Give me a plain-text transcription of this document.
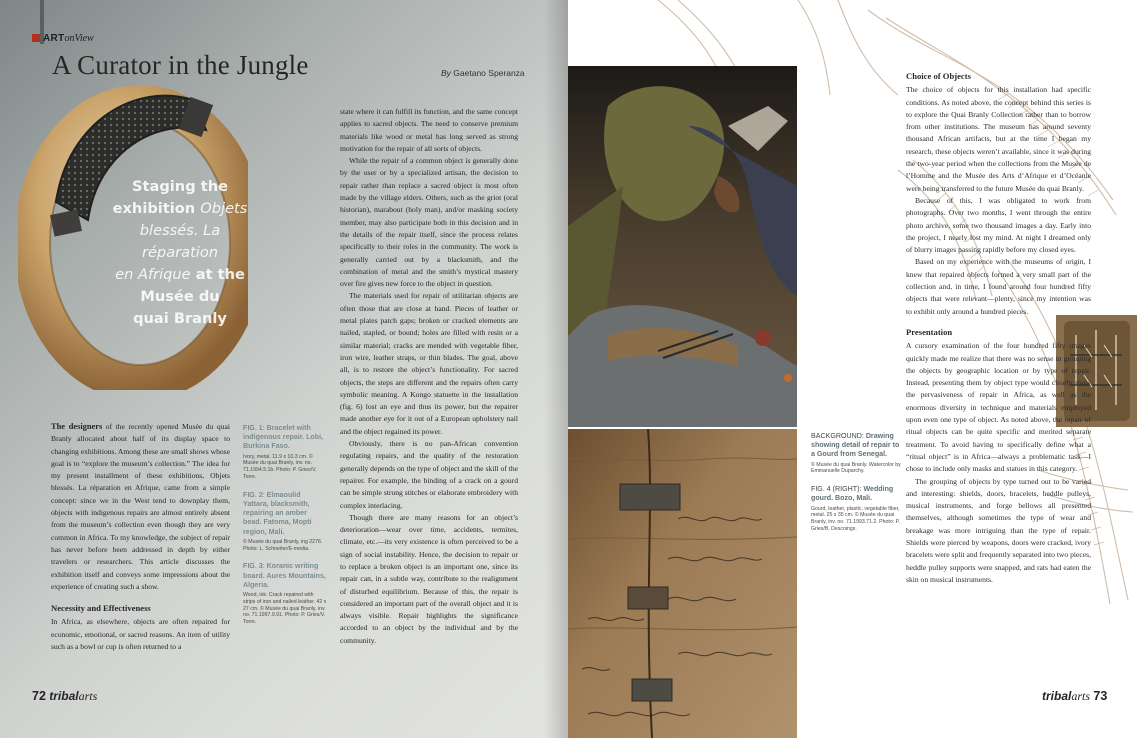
ARTonView
A Curator in the Jungle	By Gaetano Speranza
Staging the
exhibition Objets
blessés. La réparation
en Afrique at the
Musée du
quai Branly

The designers of the recently opened Musée du quai Branly allocated about half of its display space to changing exhibitions. Among these are small shows whose goal is to “explore the museum’s collection.” The idea for my present installment of these exhibitions, Objets blessés. La réparation en Afrique, came from a simple concept: since we in the West tend to downplay them, objects with indigenous repairs are almost entirely absent from the museum’s collection even though they are very common in Africa. To my knowledge, the subject of repair has never before been addressed in depth by either travelers or researchers. This article discusses the exhibition itself and conveys some impressions about the experience of creating such a show.

Necessity and Effectiveness

In Africa, as elsewhere, objects are often repaired for economic, emotional, or sacred reasons. An item of utility such as a bowl or cup is often returned to a

FIG. 1: Bracelet with indigenous repair. Lobi, Burkina Faso.
Ivory, metal. 11.9 x 10.3 cm. © Musée du quai Branly, inv. no. 71.1994.5.1b. Photo: P. Gries/V. Torre.
FIG. 2: Elmaoulid Yattara, blacksmith, repairing an amber bead. Fatoma, Mopti region, Mali.
© Musée du quai Branly, ing 2276. Photo: L. Schneiter/E-media.
FIG. 3: Koranic writing board. Aures Mountains, Algeria.
Wood, ink. Crack repaired with strips of iron and nailed leather. 42 x 27 cm. © Musée du quai Branly, inv. no. 71.1997.9.91. Photo: P. Gries/V. Torre.

state where it can fulfill its function, and the same concept applies to sacred objects. The need to conserve premium materials like wood or metal has long served as strong motivation for the repair of all sorts of objects.

While the repair of a common object is generally done by the user or by a specialized artisan, the decision to repair rather than replace a sacred object is most often made by the village elders. Others, such as the griot (oral historian), marabout (holy man), and/or masking society member, may also participate both in this decision and in the details of the repair itself, since the process relates specifically to their roles in the community. The work is generally carried out by a blacksmith, and the combination of metal and the smith’s mystical mastery over fire gives new force to the object in question.

The materials used for repair of utilitarian objects are often those that are close at hand. Pieces of leather or metal plates patch gaps; broken or cracked elements are nailed, stapled, or bound; holes are filled with resin or a similar material; cracks are mended with vegetable fiber, iron wire, leather straps, or thin blades. The goal, above all, is to restore the object’s functionality. For sacred objects, the steps are different and the repairs often carry symbolic meaning. A Kongo statuette in the installation (fig. 6) lost an eye and thus its power, but the repairer made another eye for it out of a European upholstery nail and the object regained its power.

Obviously, there is no pan-African convention regulating repairs, and the quality of the restoration generally depends on the type of object and the skill of the repairer. For example, the binding of a crack on a gourd can be simple strung stitches or elaborate embroidery with complex interlacing.

Though there are many reasons for an object’s deterioration—wear over time, accidents, termites, climate, etc.—its very existence is often perceived to be a sign of social instability. Hence, the decision to repair or to replace a broken object is an important one, since its repair can, in a subtle way, contribute to the realignment of disturbed equilibrium. Because of this, the repair is considered an important part of the overall object and it is always visible. Repair highlights the significance accorded to an object by the individual and by the community.

72 tribalarts
BACKGROUND: Drawing showing detail of repair to a Gourd from Senegal.
© Musée du quai Branly. Watercolor by Emmanuelle Duparchy.
FIG. 4 (RIGHT): Wedding gourd. Bozo, Mali.
Gourd, leather, plastic, vegetable fiber, metal. 25 x 35 cm. © Musée du quai Branly, inv. no. 71.1993.71.2. Photo: P. Gries/B. Descoings.
Choice of Objects

The choice of objects for this installation had specific conditions. As noted above, the concept behind this series is to explore the Quai Branly Collection rather than to borrow from other institutions. The museum has around seventy thousand African artifacts, but at the time I began my research, these objects weren’t available, since it was during the two-year period when the collections from the Musée de l’Homme and the Musée des Arts d’Afrique et d’Océanie were being transferred to the future Musée du quai Branly.

Because of this, I was obligated to work from photographs. Over two months, I went through the entire photo archive, some two thousand images a day. Early into the project, I nearly lost my mind. At night I dreamed only of blurry images passing rapidly before my closed eyes.

Based on my experience with the museums of origin, I knew that repaired objects formed a very small part of the collection and, in time, I found around four hundred fifty objects that were relevant—plenty, since my intention was to exhibit only around a hundred pieces.

Presentation

A cursory examination of the four hundred fifty images quickly made me realize that there was no sense in grouping the objects by geographic location or by type of repair. Instead, presenting them by object type would clearly show the pervasiveness of repair in Africa, as well as the enormous diversity in technique and materials employed upon even one type of object. As noted above, the repair of ritual objects can be quite specific and merited separate treatment. To avoid having to specifically define what a “ritual object” is in Africa—always a problematic task—I chose to include only masks and statues in this category.

The grouping of objects by type turned out to be varied and interesting: shields, doors, bracelets, heddle pulleys, musical instruments, and forge bellows all presented themselves, although sometimes the type of wear and breakage was more intriguing than the type of repair. Shields were pierced by weapons, doors were cracked, ivory bracelets were split and frequently separated into two pieces, heddle pulley supports were snapped, and rats had eaten the skin on musical instruments.

tribalarts 73
